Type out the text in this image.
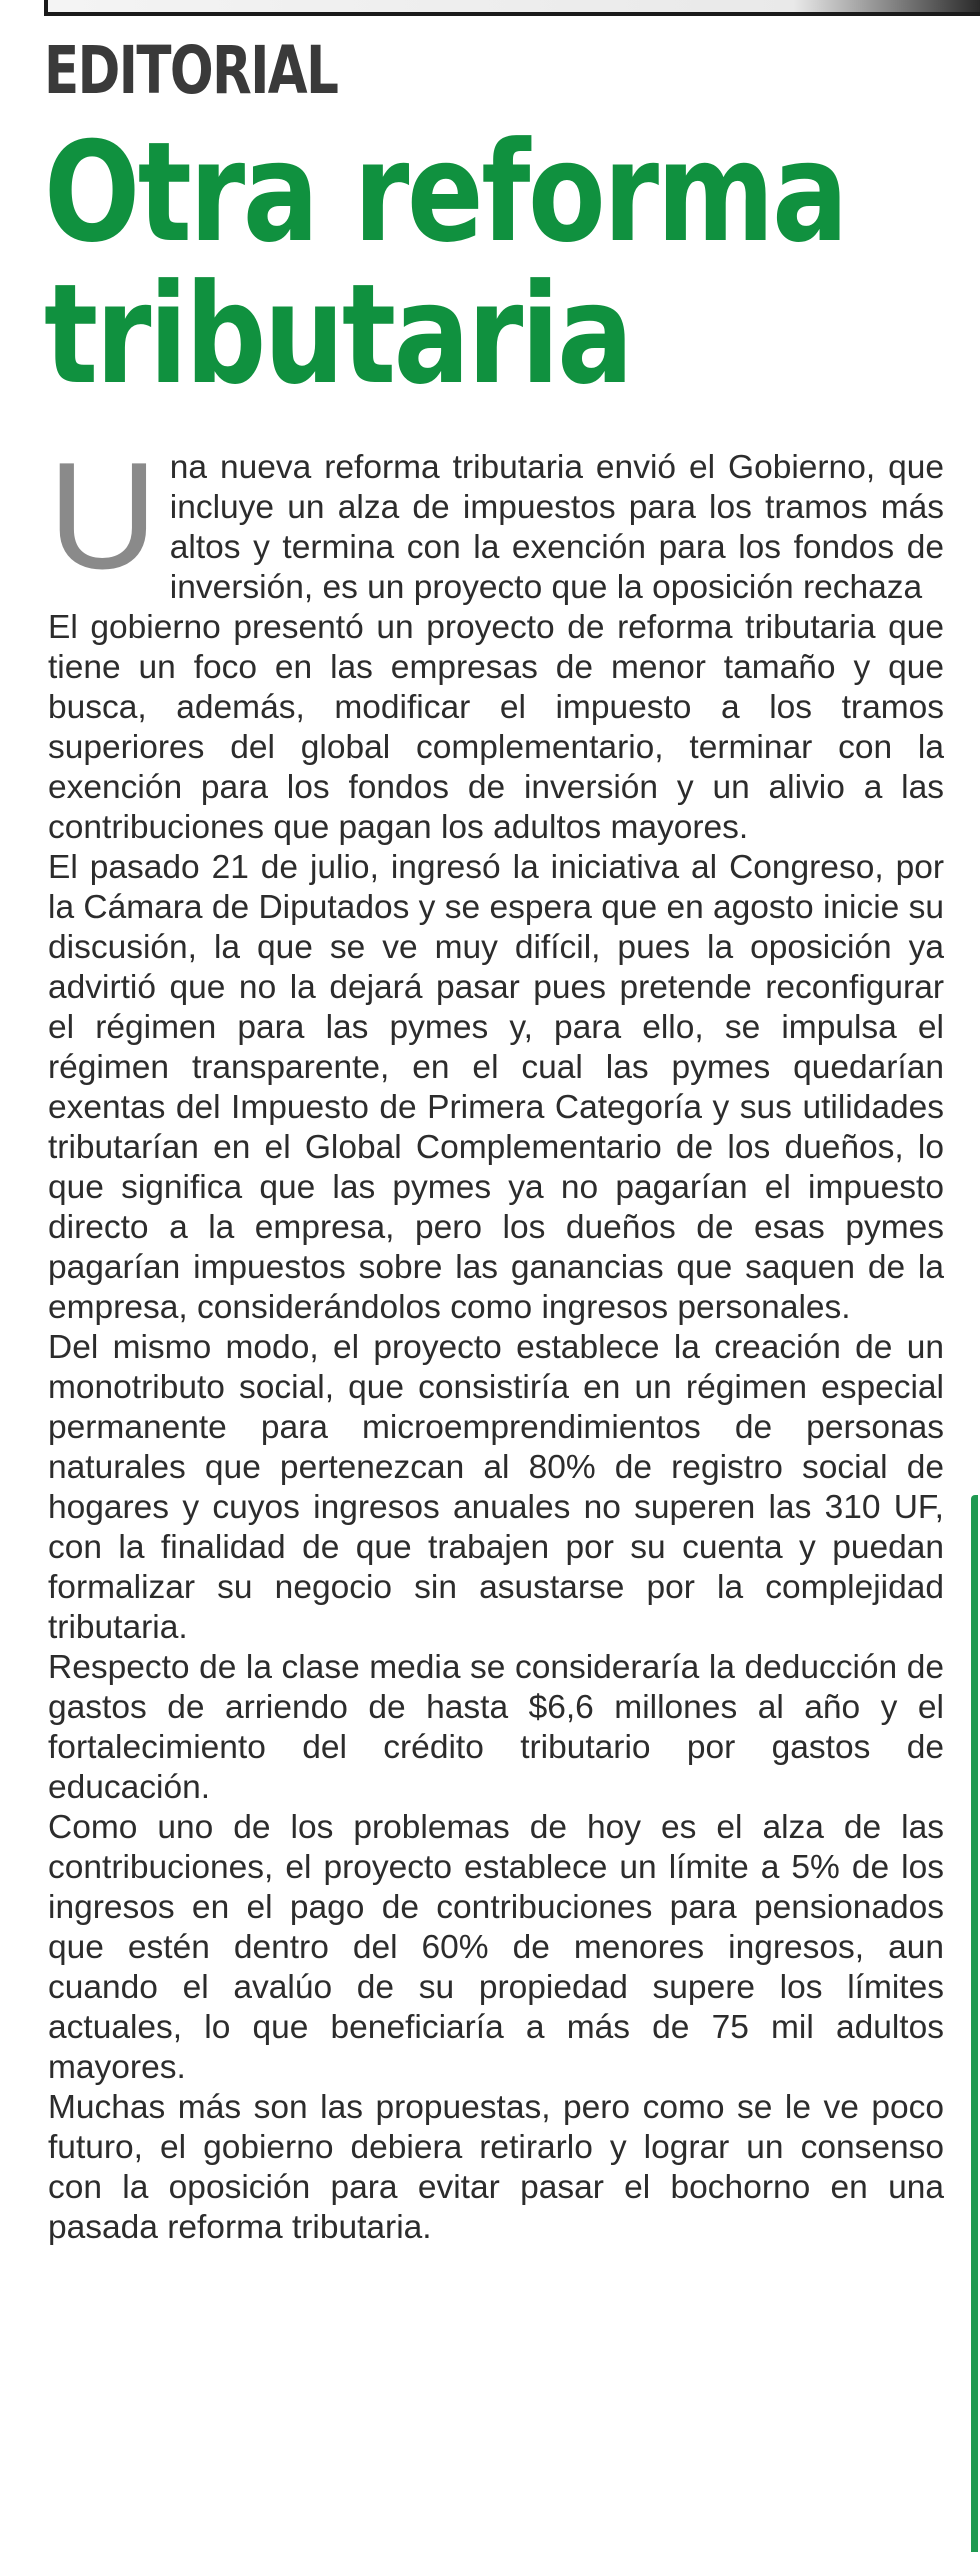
EDITORIAL
Otra reforma
tributaria

Una nueva reforma tributaria envió el Gobierno, que incluye un alza de impuestos para los tramos más altos y termina con la exención para los fondos de inversión, es un proyecto que la oposición rechaza

El gobierno presentó un proyecto de reforma tributaria que tiene un foco en las empresas de menor tamaño y que busca, además, modificar el impuesto a los tramos superiores del global complementario, terminar con la exención para los fondos de inversión y un alivio a las contribuciones que pagan los adultos mayores.

El pasado 21 de julio, ingresó la iniciativa al Congreso, por la Cámara de Diputados y se espera que en agosto inicie su discusión, la que se ve muy difícil, pues la oposición ya advirtió que no la dejará pasar pues pretende reconfigurar el régimen para las pymes y, para ello, se impulsa el régimen transparente, en el cual las pymes quedarían exentas del Impuesto de Primera Categoría y sus utilidades tributarían en el Global Complementario de los dueños, lo que significa que las pymes ya no pagarían el impuesto directo a la empresa, pero los dueños de esas pymes pagarían impuestos sobre las ganancias que saquen de la empresa, considerándolos como ingresos personales.

Del mismo modo, el proyecto establece la creación de un monotributo social, que consistiría en un régimen especial permanente para microemprendimientos de personas naturales que pertenezcan al 80% de registro social de hogares y cuyos ingresos anuales no superen las 310 UF, con la finalidad de que trabajen por su cuenta y puedan formalizar su negocio sin asustarse por la complejidad tributaria.

Respecto de la clase media se consideraría la deducción de gastos de arriendo de hasta $6,6 millones al año y el fortalecimiento del crédito tributario por gastos de educación.

Como uno de los problemas de hoy es el alza de las contribuciones, el proyecto establece un límite a 5% de los ingresos en el pago de contribuciones para pensionados que estén dentro del 60% de menores ingresos, aun cuando el avalúo de su propiedad supere los límites actuales, lo que beneficiaría a más de 75 mil adultos mayores.

Muchas más son las propuestas, pero como se le ve poco futuro, el gobierno debiera retirarlo y lograr un consenso con la oposición para evitar pasar el bochorno en una pasada reforma tributaria.
